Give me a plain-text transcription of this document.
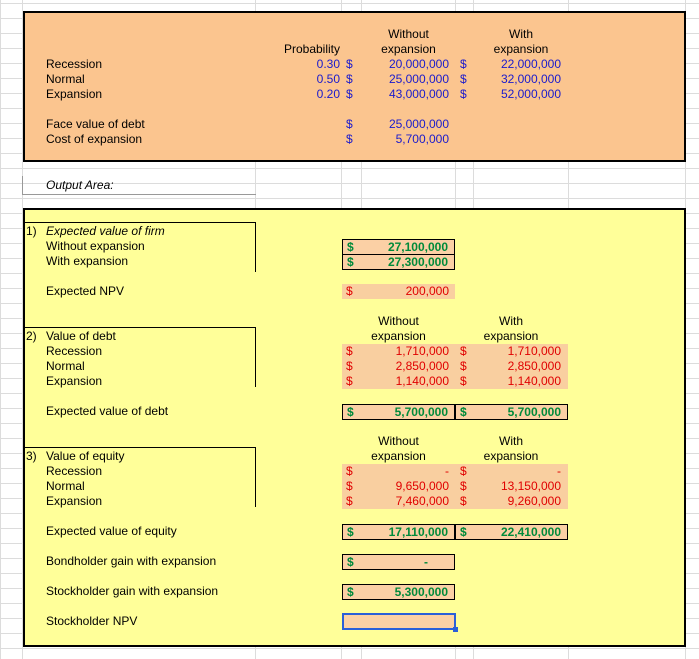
Without	With
Probability	expansion	expansion
Recession	0.30 $	20,000,000 $	22,000,000
Normal	0.50 $	25,000,000 $	32,000,000
Expansion	0.20 $	43,000,000 $	52,000,000
Face value of debt	$	25,000,000
Cost of expansion	$	5,700,000
Output Area:
1) Expected value of firm
Without expansion	$	27,100,000
With expansion	$	27,300,000
Expected NPV	$	200,000
Without	With
2) Value of debt	expansion	expansion
Recession	$	1,710,000 $	1,710,000
Normal	$	2,850,000 $	2,850,000
Expansion	$	1,140,000 $	1,140,000
Expected value of debt	$	5,700,000 $	5,700,000
Without	With
3) Value of equity	expansion	expansion
Recession	$	- $	-
Normal	$	9,650,000 $	13,150,000
Expansion	$	7,460,000 $	9,260,000
Expected value of equity	$	17,110,000 $	22,410,000
Bondholder gain with expansion	$	-
Stockholder gain with expansion	$	5,300,000
Stockholder NPV
